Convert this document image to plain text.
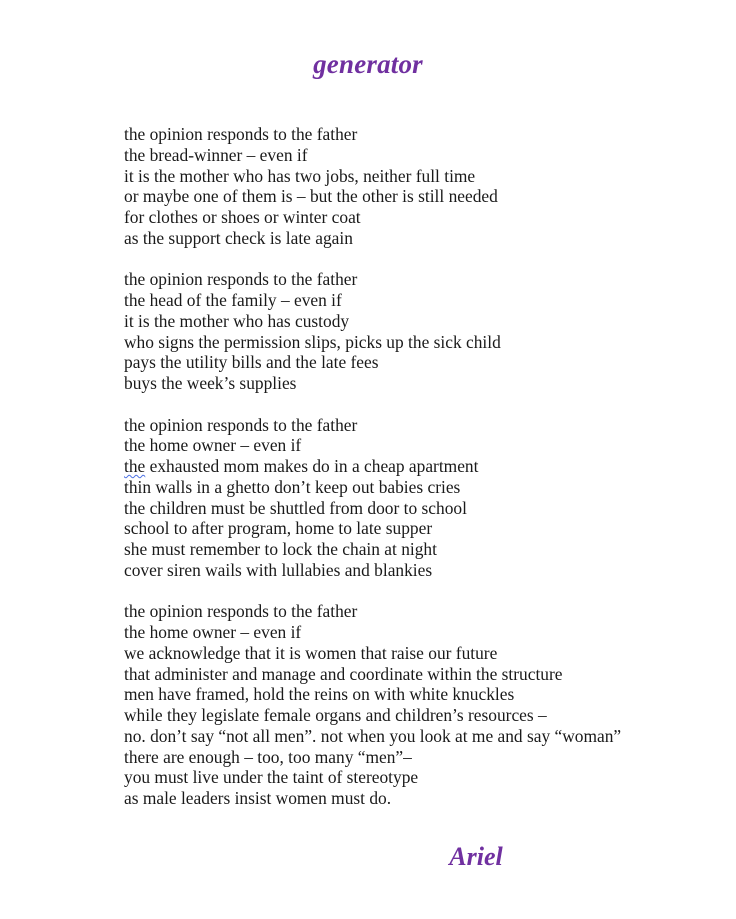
generator
the opinion responds to the father
the bread-winner – even if
it is the mother who has two jobs, neither full time
or maybe one of them is – but the other is still needed
for clothes or shoes or winter coat
as the support check is late again
the opinion responds to the father
the head of the family – even if
it is the mother who has custody
who signs the permission slips, picks up the sick child
pays the utility bills and the late fees
buys the week’s supplies
the opinion responds to the father
the home owner – even if
the exhausted mom makes do in a cheap apartment
thin walls in a ghetto don’t keep out babies cries
the children must be shuttled from door to school
school to after program, home to late supper
she must remember to lock the chain at night
cover siren wails with lullabies and blankies
the opinion responds to the father
the home owner – even if
we acknowledge that it is women that raise our future
that administer and manage and coordinate within the structure
men have framed, hold the reins on with white knuckles
while they legislate female organs and children’s resources –
no. don’t say “not all men”. not when you look at me and say “woman”
there are enough – too, too many “men”–
you must live under the taint of stereotype
as male leaders insist women must do.
Ariel
